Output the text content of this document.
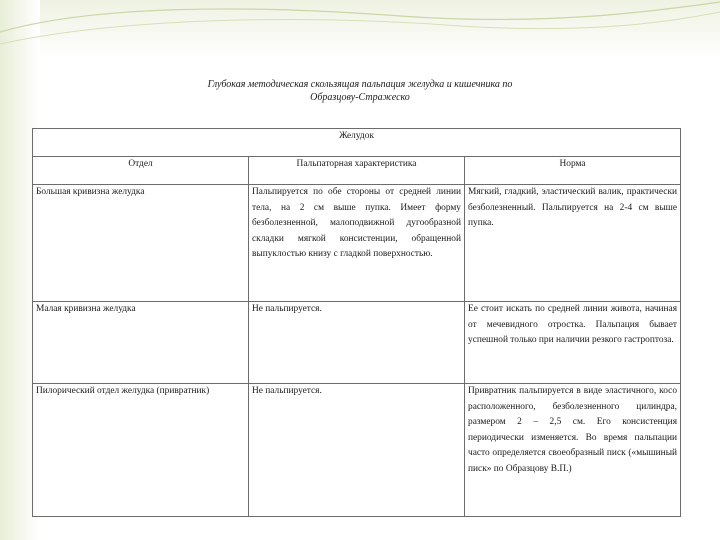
Глубокая методическая скользящая пальпация желудка и кишечника по
Образцову-Стражеско
Желудок		
Отдел	Пальпаторная характеристика	Норма
Большая кривизна желудка	Пальпируется по обе стороны от средней линии тела, на 2 см выше пупка. Имеет форму безболезненной, малоподвижной дугообразной складки мягкой консистенции, обращенной выпуклостью книзу с гладкой поверхностью.	Мягкий, гладкий, эластический валик, практически безболезненный. Пальпируется на 2-4 см выше пупка.
Малая кривизна желудка	Не пальпируется.	Ее стоит искать по средней линии живота, начиная от мечевидного отростка. Пальпация бывает успешной только при наличии резкого гастроптоза.
Пилорический отдел желудка (привратник)	Не пальпируется.	Привратник пальпируется в виде эластичного, косо расположенного, безболезненного цилиндра, размером 2 – 2,5 см. Его консистенция периодически изменяется. Во время пальпации часто определяется своеобразный писк («мышиный писк» по Образцову В.П.)
